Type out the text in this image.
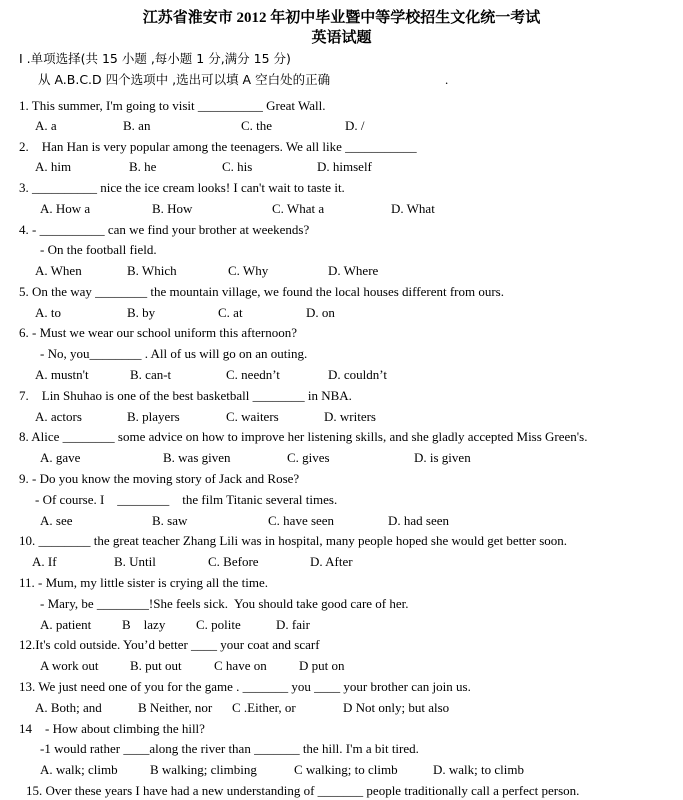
江苏省淮安市 2012 年初中毕业暨中等学校招生文化统一考试
英语试题
I .单项选择(共 15 小题 ,每小题 1 分,满分 15 分)
从 A.B.C.D 四个选项中 ,选出可以填 A 空白处的正确	.
1. This summer, I'm going to visit __________ Great Wall.
A. a	B. an	C. the	D. /
2.    Han Han is very popular among the teenagers. We all like ___________
A. him	B. he	C. his	D. himself
3. __________ nice the ice cream looks! I can't wait to taste it.
A. How a	B. How	C. What a	D. What
4. - __________ can we find your brother at weekends?
- On the football field.
A. When	B. Which	C. Why	D. Where
5. On the way ________ the mountain village, we found the local houses different from ours.
A. to	B. by	C. at	D. on
6. - Must we wear our school uniform this afternoon?
- No, you________ . All of us will go on an outing.
A. mustn't	B. can-t	C. needn’t	D. couldn’t
7.    Lin Shuhao is one of the best basketball ________ in NBA.
A. actors	B. players	C. waiters	D. writers
8. Alice ________ some advice on how to improve her listening skills, and she gladly accepted Miss Green's.
A. gave	B. was given	C. gives	D. is given
9. - Do you know the moving story of Jack and Rose?
- Of course. I    ________    the film Titanic several times.
A. see	B. saw	C. have seen	D. had seen
10. ________ the great teacher Zhang Lili was in hospital, many people hoped she would get better soon.
A. If	B. Until	C. Before	D. After
11. - Mum, my little sister is crying all the time.
- Mary, be ________!She feels sick.  You should take good care of her.
A. patient B    lazy C. polite	D. fair
12.It's cold outside. You’d better ____ your coat and scarf
A work out B. put out C have on D put on
13. We just need one of you for the game . _______ you ____ your brother can join us.
A. Both; and	B Neither, nor C .Either, or	D Not only; but also
14    - How about climbing the hill?
-1 would rather ____along the river than _______ the hill. I'm a bit tired.
A. walk; climb B walking; climbing	C walking; to climb	D. walk; to climb
15. Over these years I have had a new understanding of _______ people traditionally call a perfect person.
